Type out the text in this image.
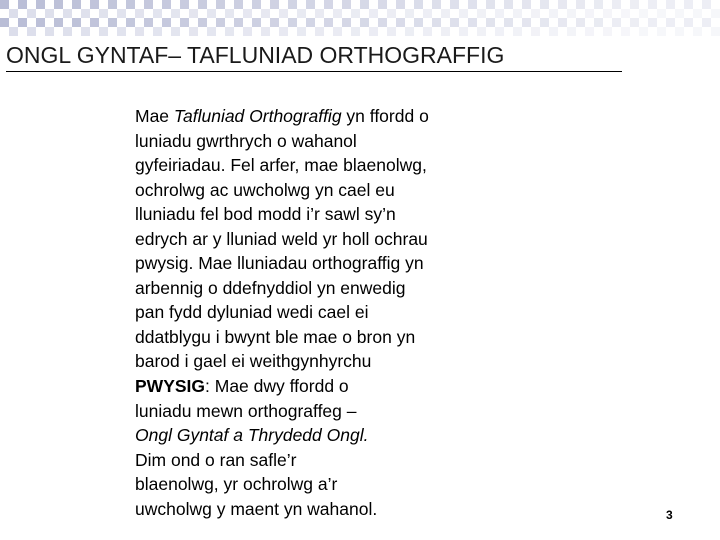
ONGL GYNTAF– TAFLUNIAD ORTHOGRAFFIG
Mae Tafluniad Orthograffig yn ffordd o
luniadu gwrthrych o wahanol
gyfeiriadau. Fel arfer, mae blaenolwg,
ochrolwg ac uwcholwg yn cael eu
lluniadu fel bod modd i’r sawl sy’n
edrych ar y lluniad weld yr holl ochrau
pwysig. Mae lluniadau orthograffig yn
arbennig o ddefnyddiol yn enwedig
pan fydd dyluniad wedi cael ei
ddatblygu i bwynt ble mae o bron yn
barod i gael ei weithgynhyrchu
PWYSIG: Mae dwy ffordd o
luniadu mewn orthograffeg –
Ongl Gyntaf a Thrydedd Ongl.
Dim ond o ran safle’r
blaenolwg, yr ochrolwg a’r
uwcholwg y maent yn wahanol.	3
